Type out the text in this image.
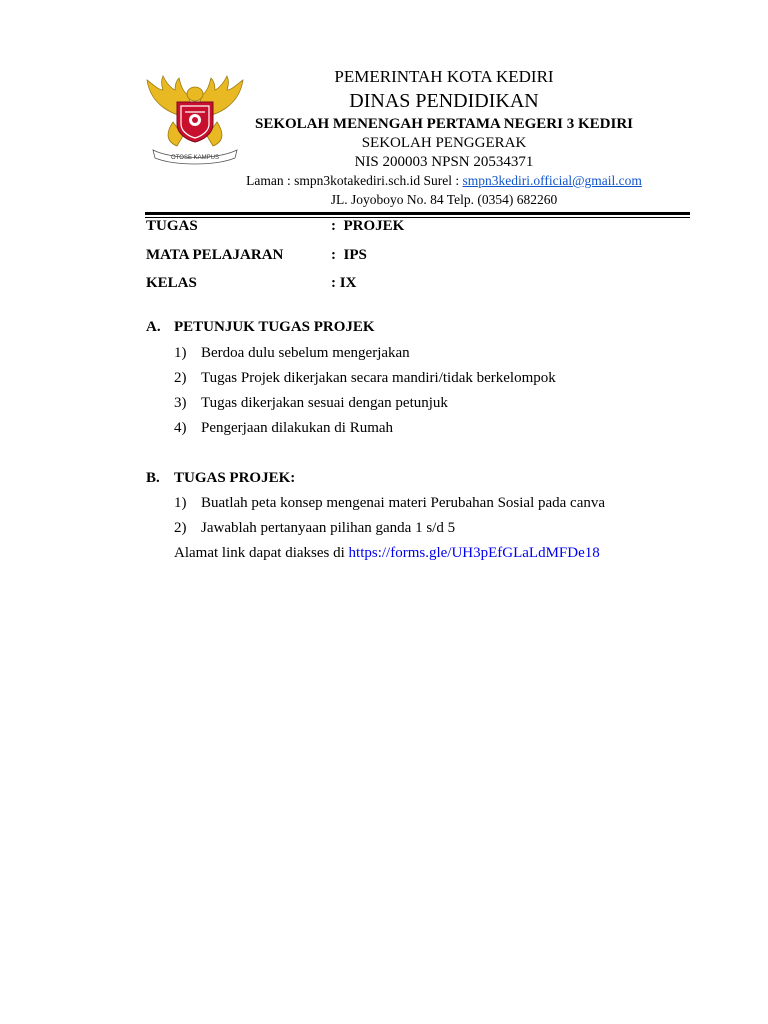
OTOSE KAMPUS
PEMERINTAH KOTA KEDIRI
DINAS PENDIDIKAN
SEKOLAH MENENGAH PERTAMA NEGERI 3 KEDIRI
SEKOLAH PENGGERAK
NIS 200003 NPSN 20534371
Laman : smpn3kotakediri.sch.id Surel : smpn3kediri.official@gmail.com
JL. Joyoboyo No. 84 Telp. (0354) 682260
TUGAS	:  PROJEK
MATA PELAJARAN	:  IPS
KELAS	: IX
A. PETUNJUK TUGAS PROJEK
1) Berdoa dulu sebelum mengerjakan
2) Tugas Projek dikerjakan secara mandiri/tidak berkelompok
3) Tugas dikerjakan sesuai dengan petunjuk
4) Pengerjaan dilakukan di Rumah
B. TUGAS PROJEK:
1) Buatlah peta konsep mengenai materi Perubahan Sosial pada canva
2) Jawablah pertanyaan pilihan ganda 1 s/d 5
Alamat link dapat diakses di https://forms.gle/UH3pEfGLaLdMFDe18
